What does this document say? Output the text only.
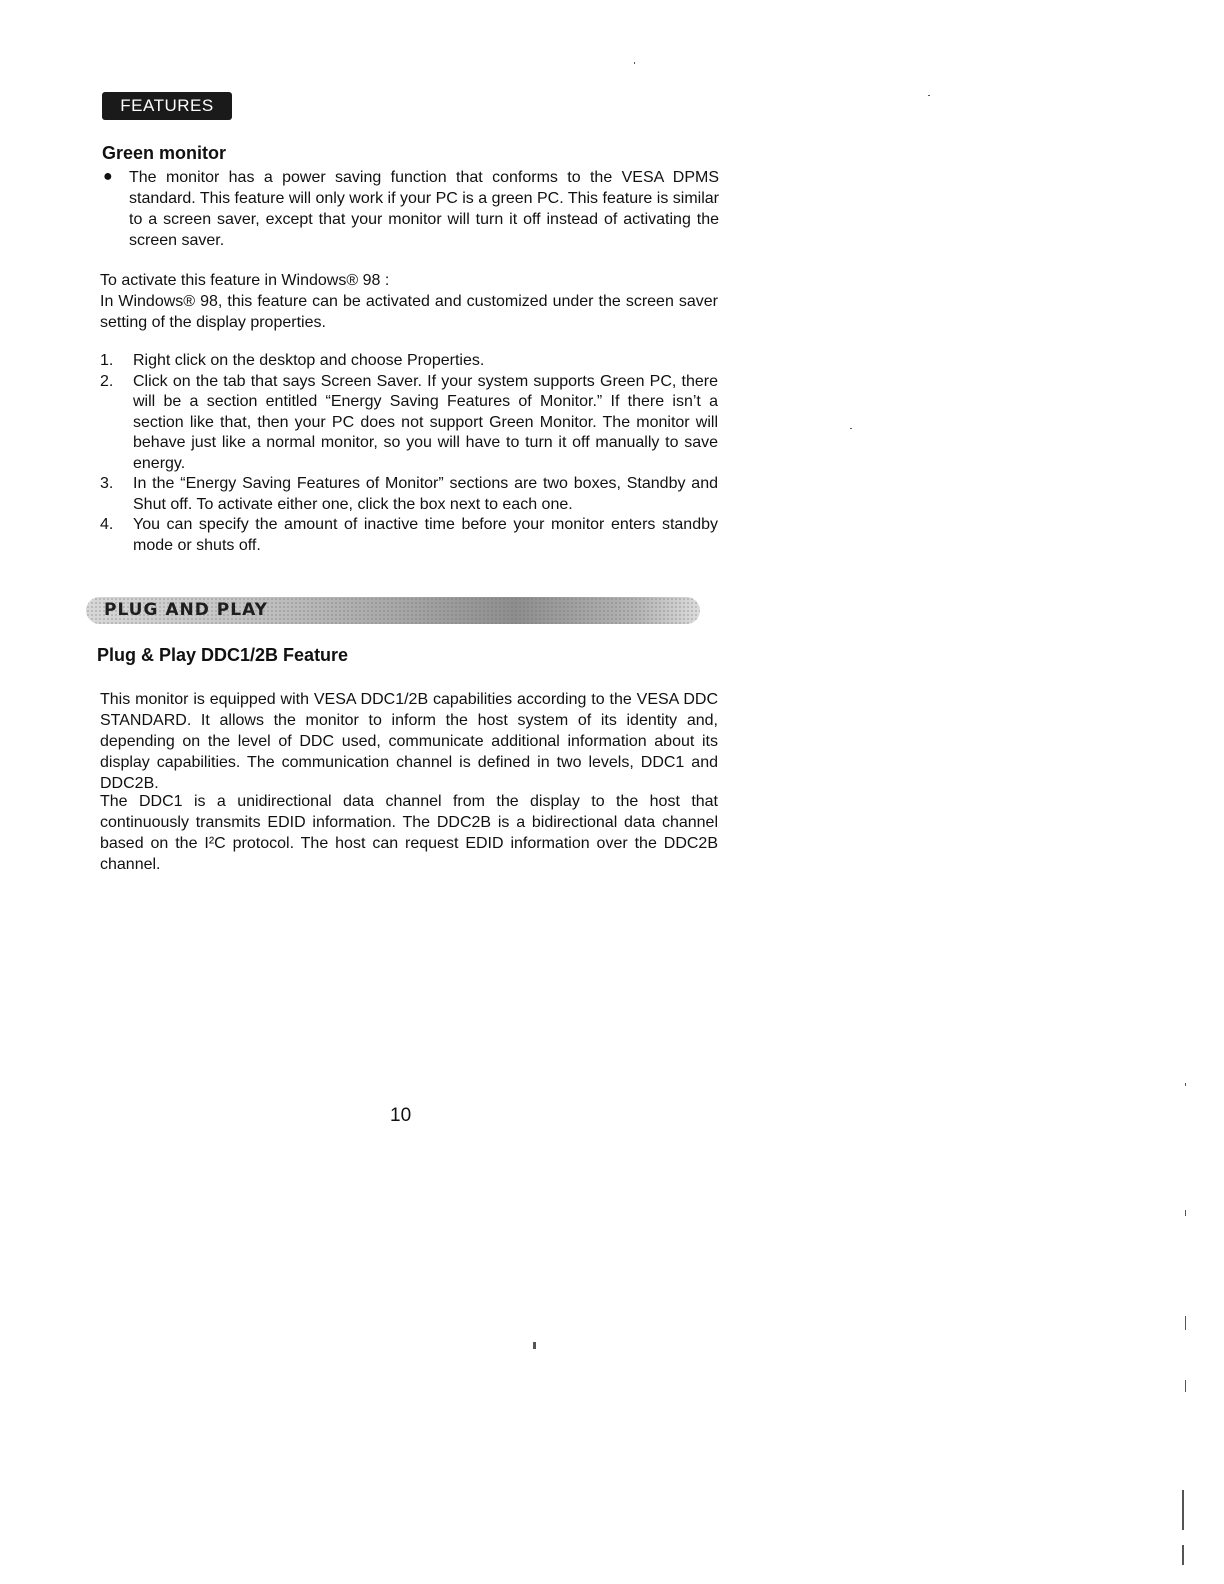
FEATURES
Green monitor
● The monitor has a power saving function that conforms to the VESA DPMS standard. This feature will only work if your PC is a green PC. This feature is similar to a screen saver, except that your monitor will turn it off instead of activating the screen saver.
To activate this feature in Windows® 98 :
In Windows® 98, this feature can be activated and customized under the screen saver setting of the display properties.
1. Right click on the desktop and choose Properties.
2. Click on the tab that says Screen Saver. If your system supports Green PC, there will be a section entitled “Energy Saving Features of Monitor.” If there isn’t a section like that, then your PC does not support Green Monitor. The monitor will behave just like a normal monitor, so you will have to turn it off manually to save energy.
3. In the “Energy Saving Features of Monitor” sections are two boxes, Standby and Shut off. To activate either one, click the box next to each one.
4. You can specify the amount of inactive time before your monitor enters standby mode or shuts off.
PLUG AND PLAY
Plug & Play DDC1/2B Feature
This monitor is equipped with VESA DDC1/2B capabilities according to the VESA DDC STANDARD. It allows the monitor to inform the host system of its identity and, depending on the level of DDC used, communicate additional information about its display capabilities. The communication channel is defined in two levels, DDC1 and DDC2B.
The DDC1 is a unidirectional data channel from the display to the host that continuously transmits EDID information. The DDC2B is a bidirectional data channel based on the I²C protocol. The host can request EDID information over the DDC2B channel.
10
